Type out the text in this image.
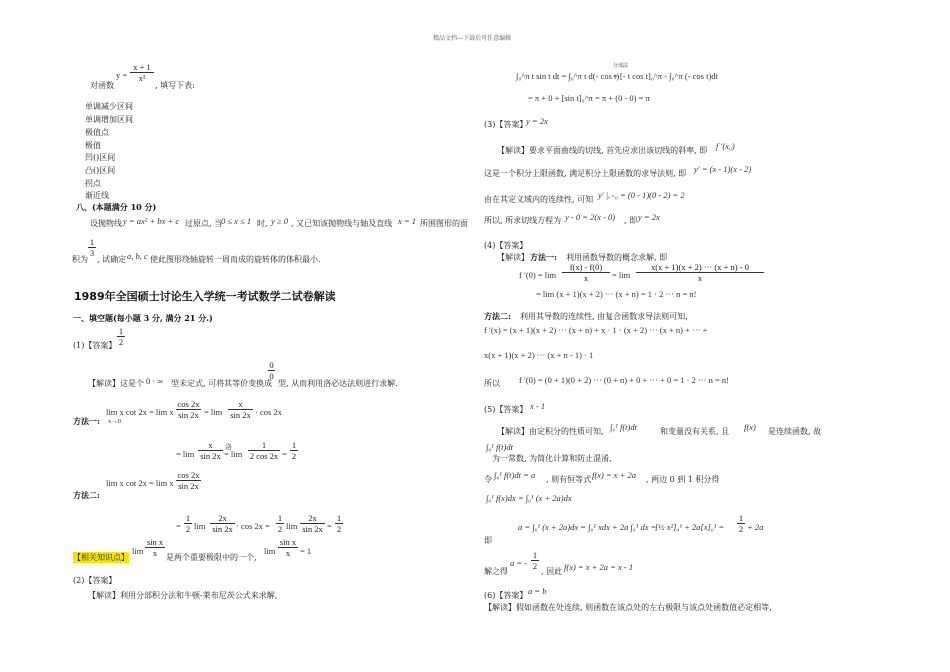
精品文档---下载后可任意编辑
y =
x + 1
x²
对函数	, 填写下表:
单调减少区间
单调增加区间
极值点
极值
凹()区间
凸()区间
拐点
渐近线
八、(本题满分 10 分)
设抛物线 y = ax² + bx + c 过原点, 当
0 ≤ x ≤ 1 时, y ≥ 0 , 又已知该抛物线与轴及直线 x = 1 所围图形的面
积为
1
3
, 试确定 a, b, c 使此图形绕轴旋转一周而成的旋转体的体积最小.
1989年全国硕士讨论生入学统一考试数学二试卷解读
一、填空题(每小题 3 分, 满分 21 分.)
(1)【答案】
1
2
【解读】这是个 0 · ∞ 型未定式, 可将其等价变换成
0
0
型, 从而利用洛必达法则进行求解.
方法一:
lim x cot 2x = lim x
x→0
cos 2x
sin 2x = lim
x
sin 2x · cos 2x
= lim
x
sin 2x
洛
= lim
1
2 cos 2x =
1
2
lim x cot 2x = lim x
cos 2x
sin 2x
方法二:
=
1
2 lim
2x
sin 2x · cos 2x =
1
2 lim
2x
sin 2x =
1
2
【相关知识点】
lim
sin x
x	是两个重要极限中的一个,
lim
sin x
x	= 1
(2)【答案】
【解读】利用分部积分法和牛顿-莱布尼茨公式来求解,
∫₀^π t sin t dt = ∫₀^π t d(- cos t)
分部法
= [- t cos t]₀^π - ∫₀^π (- cos t)dt
= π + 0 + [sin t]₀^π = π + (0 - 0) = π
(3)【答案】
y = 2x
【解读】要求平面曲线的切线, 首先应求出该切线的斜率, 即 f ′(x₀)
这是一个积分上限函数, 满足积分上限函数的求导法则, 即 y′ = (x - 1)(x - 2)
由在其定义域内的连续性, 可知 y′ |ₓ₌₀ = (0 - 1)(0 - 2) = 2
所以, 所求切线方程为 y - 0 = 2(x - 0) , 即 y = 2x
(4)【答案】
【解读】 方法一: 利用函数导数的概念求解, 即
f ′(0) = lim
f(x) - f(0)
x	= lim
x(x + 1)(x + 2) ··· (x + n) - 0
x
= lim (x + 1)(x + 2) ··· (x + n) = 1 · 2 ··· n = n!
方法二: 利用其导数的连续性, 由复合函数求导法则可知,
f ′(x) = (x + 1)(x + 2) ··· (x + n) + x · 1 · (x + 2) ··· (x + n) + ··· +
x(x + 1)(x + 2) ··· (x + n - 1) · 1
所以 f ′(0) = (0 + 1)(0 + 2) ··· (0 + n) + 0 + ··· + 0 = 1 · 2 ··· n = n!
(5)【答案】 x - 1
【解读】由定积分的性质可知, ∫₀¹ f(t)dt	和变量没有关系, 且 f(x) 是连续函数, 故
∫₀¹ f(t)dt
为一常数, 为简化计算和防止混淆,
令 ∫₀¹ f(t)dt = a , 则有恒等式 f(x) = x + 2a , 两边 0 到 1 积分得
∫₀¹ f(x)dx = ∫₀¹ (x + 2a)dx
a = ∫₀¹ (x + 2a)dx = ∫₀¹ xdx + 2a ∫₀¹ dx =
[½ x²]₀¹ + 2a[x]₀¹ =
1
2 + 2a
即
解之得
a = -
1
2
, 因此 f(x) = x + 2a = x - 1
(6)【答案】 a = b
【解读】假如函数在处连续, 则函数在该点处的左右极限与该点处函数值必定相等,
